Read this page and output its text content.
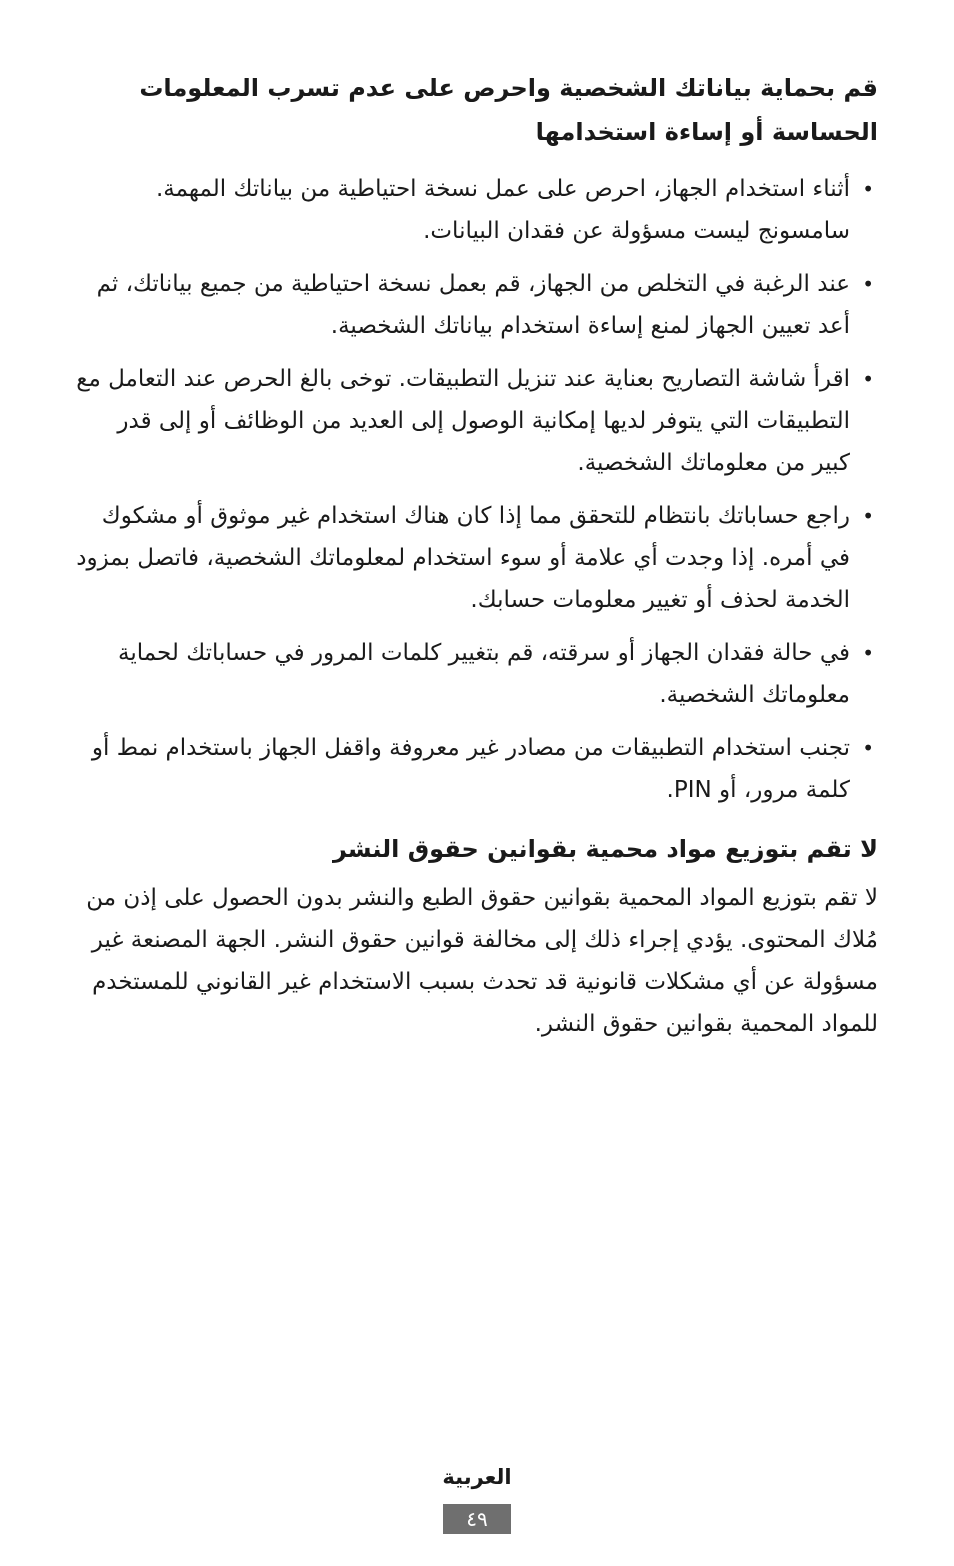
قم بحماية بياناتك الشخصية واحرص على عدم تسرب المعلومات الحساسة أو إساءة استخدامها
•
أثناء استخدام الجهاز، احرص على عمل نسخة احتياطية من بياناتك المهمة. سامسونج ليست مسؤولة عن فقدان البيانات.
•
عند الرغبة في التخلص من الجهاز، قم بعمل نسخة احتياطية من جميع بياناتك، ثم أعد تعيين الجهاز لمنع إساءة استخدام بياناتك الشخصية.
•
اقرأ شاشة التصاريح بعناية عند تنزيل التطبيقات. توخى بالغ الحرص عند التعامل مع التطبيقات التي يتوفر لديها إمكانية الوصول إلى العديد من الوظائف أو إلى قدر كبير من معلوماتك الشخصية.
•
راجع حساباتك بانتظام للتحقق مما إذا كان هناك استخدام غير موثوق أو مشكوك في أمره. إذا وجدت أي علامة أو سوء استخدام لمعلوماتك الشخصية، فاتصل بمزود الخدمة لحذف أو تغيير معلومات حسابك.
•
في حالة فقدان الجهاز أو سرقته، قم بتغيير كلمات المرور في حساباتك لحماية معلوماتك الشخصية.
•
تجنب استخدام التطبيقات من مصادر غير معروفة واقفل الجهاز باستخدام نمط أو كلمة مرور، أو PIN.
لا تقم بتوزيع مواد محمية بقوانين حقوق النشر

لا تقم بتوزيع المواد المحمية بقوانين حقوق الطبع والنشر بدون الحصول على إذن من مُلاك المحتوى. يؤدي إجراء ذلك إلى مخالفة قوانين حقوق النشر. الجهة المصنعة غير مسؤولة عن أي مشكلات قانونية قد تحدث بسبب الاستخدام غير القانوني للمستخدم للمواد المحمية بقوانين حقوق النشر.

العربية
٤٩
